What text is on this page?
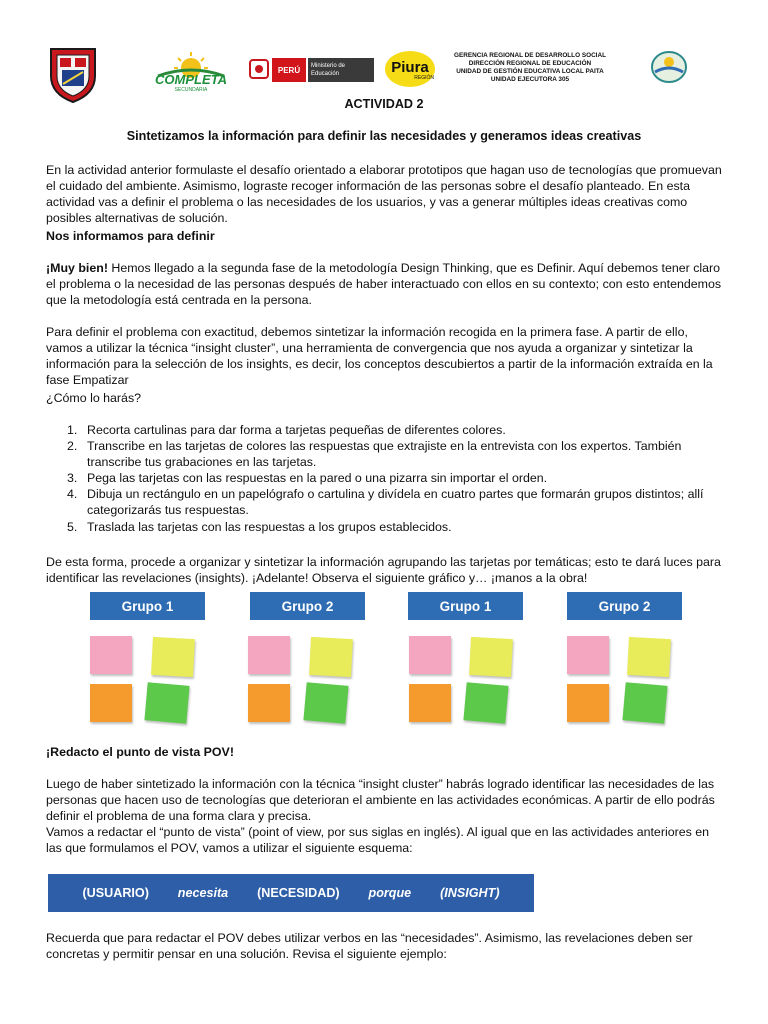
COMPLETA
SECUNDARIA
PERÚ	Ministerio de Educación	Piura
REGIÓN
GERENCIA REGIONAL DE DESARROLLO SOCIAL
DIRECCIÓN REGIONAL DE EDUCACIÓN
UNIDAD DE GESTIÓN EDUCATIVA LOCAL PAITA
UNIDAD EJECUTORA 305
ACTIVIDAD 2
Sintetizamos la información para definir las necesidades y generamos ideas creativas

En la actividad anterior formulaste el desafío orientado a elaborar prototipos que hagan uso de tecnologías que promuevan el cuidado del ambiente. Asimismo, lograste recoger información de las personas sobre el desafío planteado. En esta actividad vas a definir el problema o las necesidades de los usuarios, y vas a generar múltiples ideas creativas como posibles alternativas de solución.

Nos informamos para definir

¡Muy bien! Hemos llegado a la segunda fase de la metodología Design Thinking, que es Definir. Aquí debemos tener claro el problema o la necesidad de las personas después de haber interactuado con ellos en su contexto; con esto entendemos que la metodología está centrada en la persona.

Para definir el problema con exactitud, debemos sintetizar la información recogida en la primera fase. A partir de ello, vamos a utilizar la técnica “insight cluster”, una herramienta de convergencia que nos ayuda a organizar y sintetizar la información para la selección de los insights, es decir, los conceptos descubiertos a partir de la información extraída en la fase Empatizar

¿Cómo lo harás?
1. Recorta cartulinas para dar forma a tarjetas pequeñas de diferentes colores.
2. Transcribe en las tarjetas de colores las respuestas que extrajiste en la entrevista con los expertos. También transcribe tus grabaciones en las tarjetas.
3. Pega las tarjetas con las respuestas en la pared o una pizarra sin importar el orden.
4. Dibuja un rectángulo en un papelógrafo o cartulina y divídela en cuatro partes que formarán grupos distintos; allí categorizarás tus respuestas.
5. Traslada las tarjetas con las respuestas a los grupos establecidos.

De esta forma, procede a organizar y sintetizar la información agrupando las tarjetas por temáticas; esto te dará luces para identificar las revelaciones (insights). ¡Adelante! Observa el siguiente gráfico y… ¡manos a la obra!

Grupo 1	Grupo 2	Grupo 1	Grupo 2
¡Redacto el punto de vista POV!

Luego de haber sintetizado la información con la técnica “insight cluster” habrás logrado identificar las necesidades de las personas que hacen uso de tecnologías que deterioran el ambiente en las actividades económicas. A partir de ello podrás definir el problema de una forma clara y precisa.

Vamos a redactar el “punto de vista” (point of view, por sus siglas en inglés). Al igual que en las actividades anteriores en las que formulamos el POV, vamos a utilizar el siguiente esquema:

(USUARIO) necesita (NECESIDAD) porque (INSIGHT)

Recuerda que para redactar el POV debes utilizar verbos en las “necesidades”. Asimismo, las revelaciones deben ser concretas y permitir pensar en una solución. Revisa el siguiente ejemplo:
